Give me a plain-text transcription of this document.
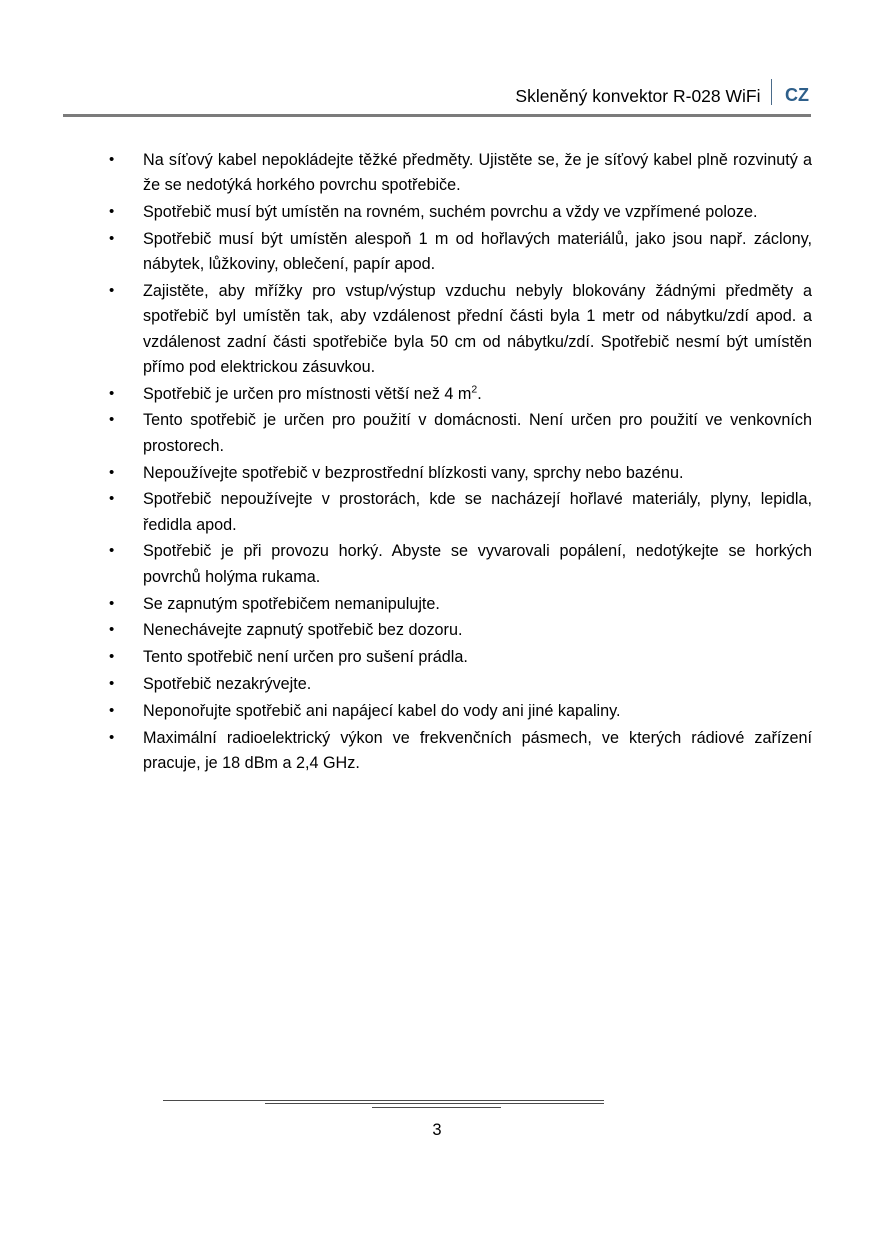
Skleněný konvektor R-028 WiFi	CZ
• Na síťový kabel nepokládejte těžké předměty. Ujistěte se, že je síťový kabel plně rozvinutý a že se nedotýká horkého povrchu spotřebiče.
• Spotřebič musí být umístěn na rovném, suchém povrchu a vždy ve vzpřímené poloze.
• Spotřebič musí být umístěn alespoň 1 m od hořlavých materiálů, jako jsou např. záclony, nábytek, lůžkoviny, oblečení, papír apod.
• Zajistěte, aby mřížky pro vstup/výstup vzduchu nebyly blokovány žádnými předměty a spotřebič byl umístěn tak, aby vzdálenost přední části byla 1 metr od nábytku/zdí apod. a vzdálenost zadní části spotřebiče byla 50 cm od nábytku/zdí. Spotřebič nesmí být umístěn přímo pod elektrickou zásuvkou.
• Spotřebič je určen pro místnosti větší než 4 $m^2$.
• Tento spotřebič je určen pro použití v domácnosti. Není určen pro použití ve venkovních prostorech.
• Nepoužívejte spotřebič v bezprostřední blízkosti vany, sprchy nebo bazénu.
• Spotřebič nepoužívejte v prostorách, kde se nacházejí hořlavé materiály, plyny, lepidla, ředidla apod.
• Spotřebič je při provozu horký. Abyste se vyvarovali popálení, nedotýkejte se horkých povrchů holýma rukama.
• Se zapnutým spotřebičem nemanipulujte.
• Nenechávejte zapnutý spotřebič bez dozoru.
• Tento spotřebič není určen pro sušení prádla.
• Spotřebič nezakrývejte.
• Neponořujte spotřebič ani napájecí kabel do vody ani jiné kapaliny.
• Maximální radioelektrický výkon ve frekvenčních pásmech, ve kterých rádiové zařízení pracuje, je 18 dBm a 2,4 GHz.
3
